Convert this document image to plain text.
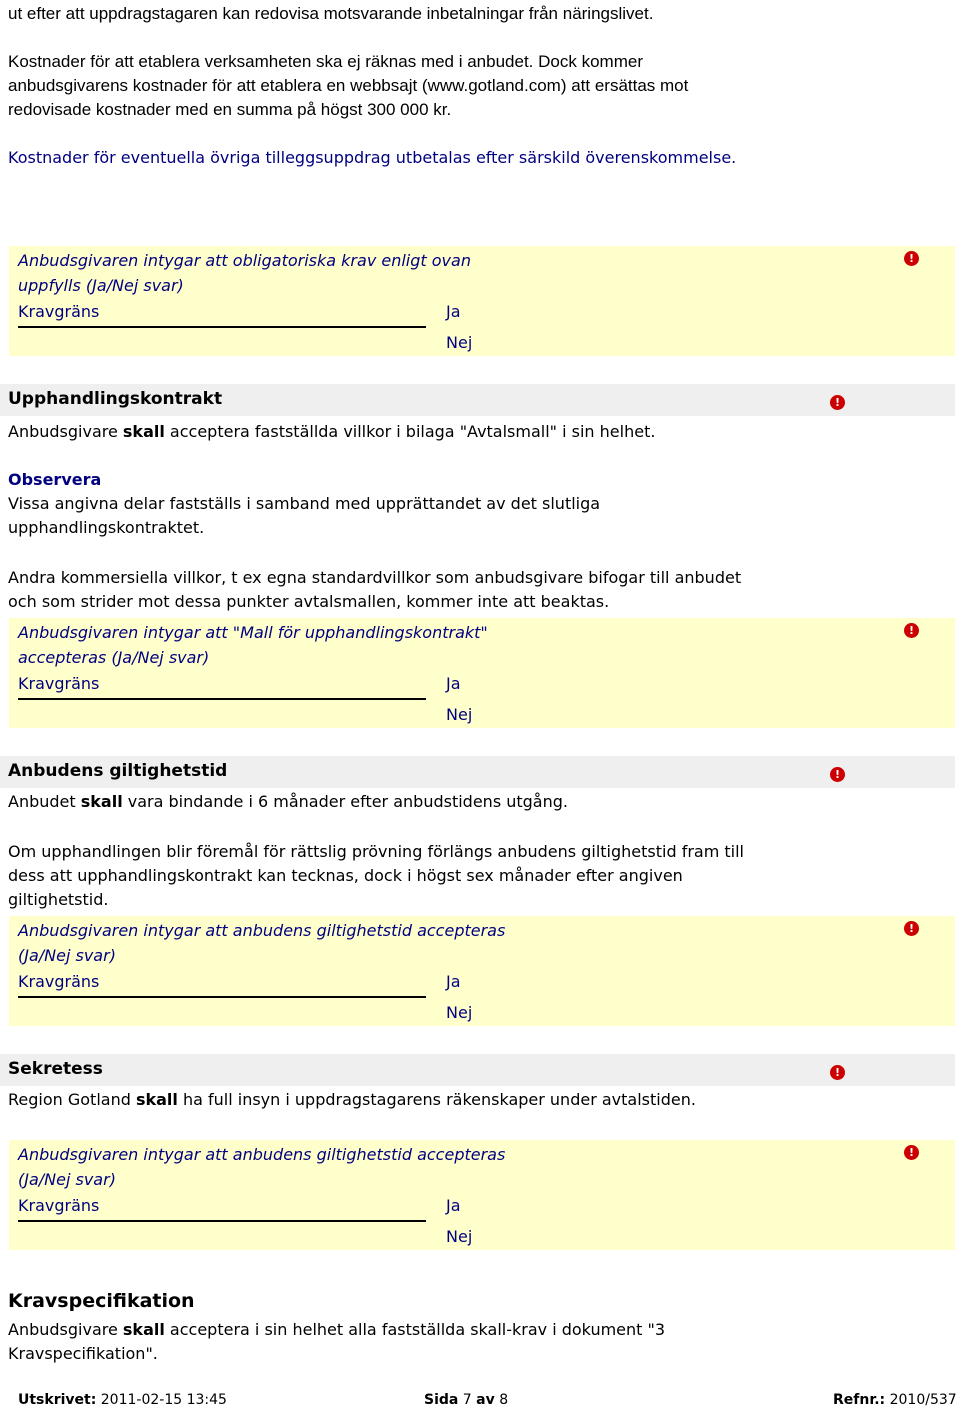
ut efter att uppdragstagaren kan redovisa motsvarande inbetalningar från näringslivet.
Kostnader för att etablera verksamheten ska ej räknas med i anbudet. Dock kommer
anbudsgivarens kostnader för att etablera en webbsajt (www.gotland.com) att ersättas mot
redovisade kostnader med en summa på högst 300 000 kr.
Kostnader för eventuella övriga tilleggsuppdrag utbetalas efter särskild överenskommelse.
Anbudsgivaren intygar att obligatoriska krav enligt ovan
uppfylls (Ja/Nej svar)
Kravgräns	Ja
Nej
!
Upphandlingskontrakt	!
Anbudsgivare skall acceptera fastställda villkor i bilaga "Avtalsmall" i sin helhet.
Observera
Vissa angivna delar fastställs i samband med upprättandet av det slutliga
upphandlingskontraktet.
Andra kommersiella villkor, t ex egna standardvillkor som anbudsgivare bifogar till anbudet
och som strider mot dessa punkter avtalsmallen, kommer inte att beaktas.
Anbudsgivaren intygar att "Mall för upphandlingskontrakt"
accepteras (Ja/Nej svar)
Kravgräns	Ja
Nej
!
Anbudens giltighetstid	!
Anbudet skall vara bindande i 6 månader efter anbudstidens utgång.
Om upphandlingen blir föremål för rättslig prövning förlängs anbudens giltighetstid fram till
dess att upphandlingskontrakt kan tecknas, dock i högst sex månader efter angiven
giltighetstid.
Anbudsgivaren intygar att anbudens giltighetstid accepteras
(Ja/Nej svar)
Kravgräns	Ja
Nej
!
Sekretess	!
Region Gotland skall ha full insyn i uppdragstagarens räkenskaper under avtalstiden.
Anbudsgivaren intygar att anbudens giltighetstid accepteras
(Ja/Nej svar)
Kravgräns	Ja
Nej
!
Kravspecifikation
Anbudsgivare skall acceptera i sin helhet alla fastställda skall-krav i dokument "3
Kravspecifikation".
Utskrivet: 2011-02-15 13:45	Sida 7 av 8	Refnr.: 2010/537
